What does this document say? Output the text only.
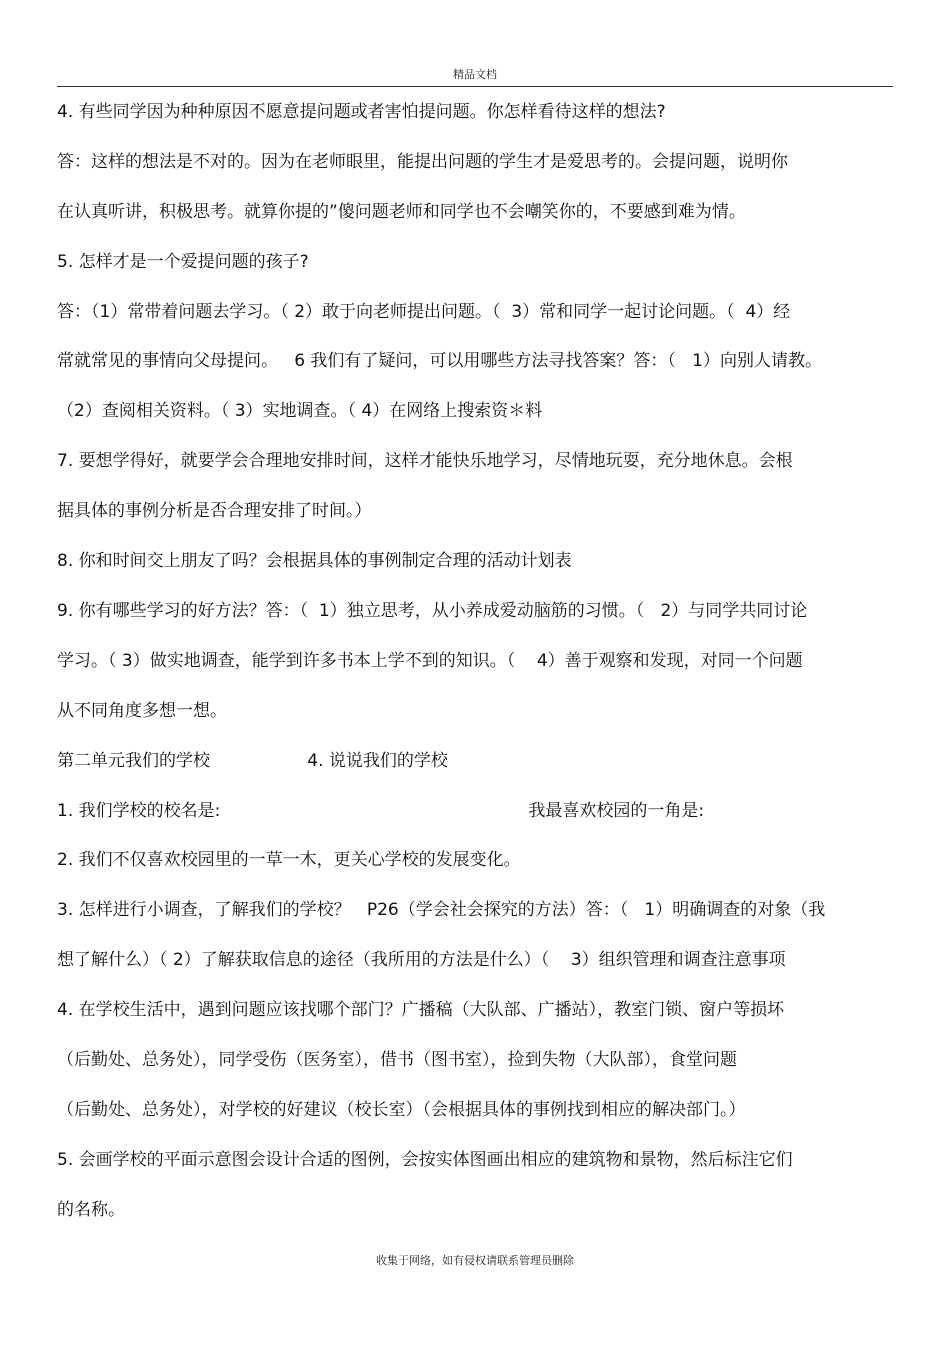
精品文档
4. 有些同学因为种种原因不愿意提问题或者害怕提问题。你怎样看待这样的想法?
答：这样的想法是不对的。因为在老师眼里，能提出问题的学生才是爱思考的。会提问题，说明你
在认真听讲，积极思考。就算你提的”傻问题老师和同学也不会嘲笑你的，不要感到难为情。
5. 怎样才是一个爱提问题的孩子?
答：（1）常带着问题去学习。（ 2）敢于向老师提出问题。（  3）常和同学一起讨论问题。（  4）经
常就常见的事情向父母提问。   6 我们有了疑问，可以用哪些方法寻找答案？答：（   1）向别人请教。
（2）查阅相关资料。（ 3）实地调查。（ 4）在网络上搜索资＊料
7. 要想学得好，就要学会合理地安排时间，这样才能快乐地学习，尽情地玩耍，充分地休息。会根
据具体的事例分析是否合理安排了时间。）
8. 你和时间交上朋友了吗？会根据具体的事例制定合理的活动计划表
9. 你有哪些学习的好方法？答：（  1）独立思考，从小养成爱动脑筋的习惯。（   2）与同学共同讨论
学习。（ 3）做实地调查，能学到许多书本上学不到的知识。（    4）善于观察和发现，对同一个问题
从不同角度多想一想。
第二单元我们的学校                  4. 说说我们的学校
1. 我们学校的校名是:                                                         我最喜欢校园的一角是:
2. 我们不仅喜欢校园里的一草一木，更关心学校的发展变化。
3. 怎样进行小调查，了解我们的学校？   P26（学会社会探究的方法）答：（   1）明确调查的对象（我
想了解什么）（ 2）了解获取信息的途径（我所用的方法是什么）（    3）组织管理和调查注意事项
4. 在学校生活中，遇到问题应该找哪个部门？广播稿（大队部、广播站），教室门锁、窗户等损坏
（后勤处、总务处），同学受伤（医务室），借书（图书室），捡到失物（大队部），食堂问题
（后勤处、总务处），对学校的好建议（校长室）（会根据具体的事例找到相应的解决部门。）
5. 会画学校的平面示意图会设计合适的图例，会按实体图画出相应的建筑物和景物，然后标注它们
的名称。
收集于网络，如有侵权请联系管理员删除
